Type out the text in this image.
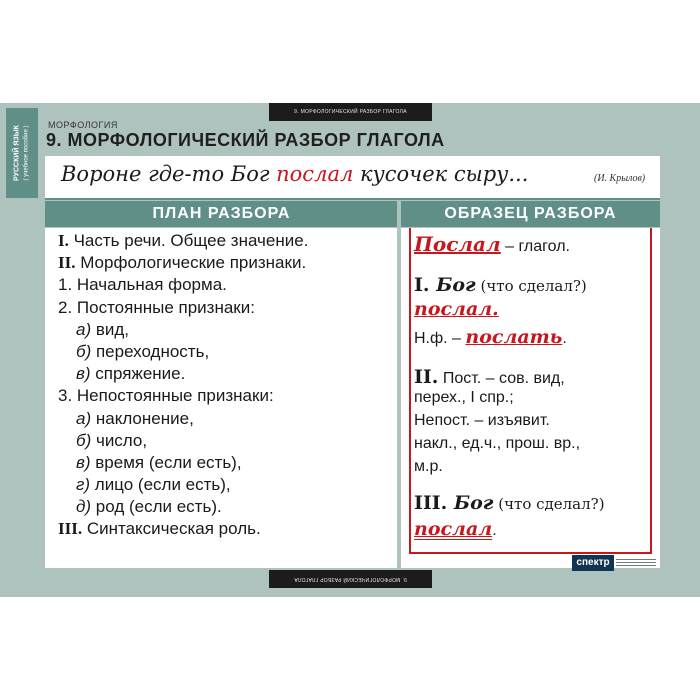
9. МОРФОЛОГИЧЕСКИЙ РАЗБОР ГЛАГОЛА
9. МОРФОЛОГИЧЕСКИЙ РАЗБОР ГЛАГОЛА
РУССКИЙ ЯЗЫК ( учебное пособие )
МОРФОЛОГИЯ
9. МОРФОЛОГИЧЕСКИЙ РАЗБОР ГЛАГОЛА
Вороне где-то Бог послал кусочек сыру...	(И. Крылов)
ПЛАН РАЗБОРА	ОБРАЗЕЦ РАЗБОРА
I. Часть речи. Общее значение.
II. Морфологические признаки.
1. Начальная форма.
2. Постоянные признаки:
а) вид,
б) переходность,
в) спряжение.
3. Непостоянные признаки:
а) наклонение,
б) число,
в) время (если есть),
г) лицо (если есть),
д) род (если есть).
III. Синтаксическая роль.
Послал – глагол.
I. Бог (что сделал?)
послал.
Н.ф. – послать.
II. Пост. – сов. вид,
перех., I спр.;
Непост. – изъявит.
накл., ед.ч., прош. вр.,
м.р.
III. Бог (что сделал?)
послал.
спектр
